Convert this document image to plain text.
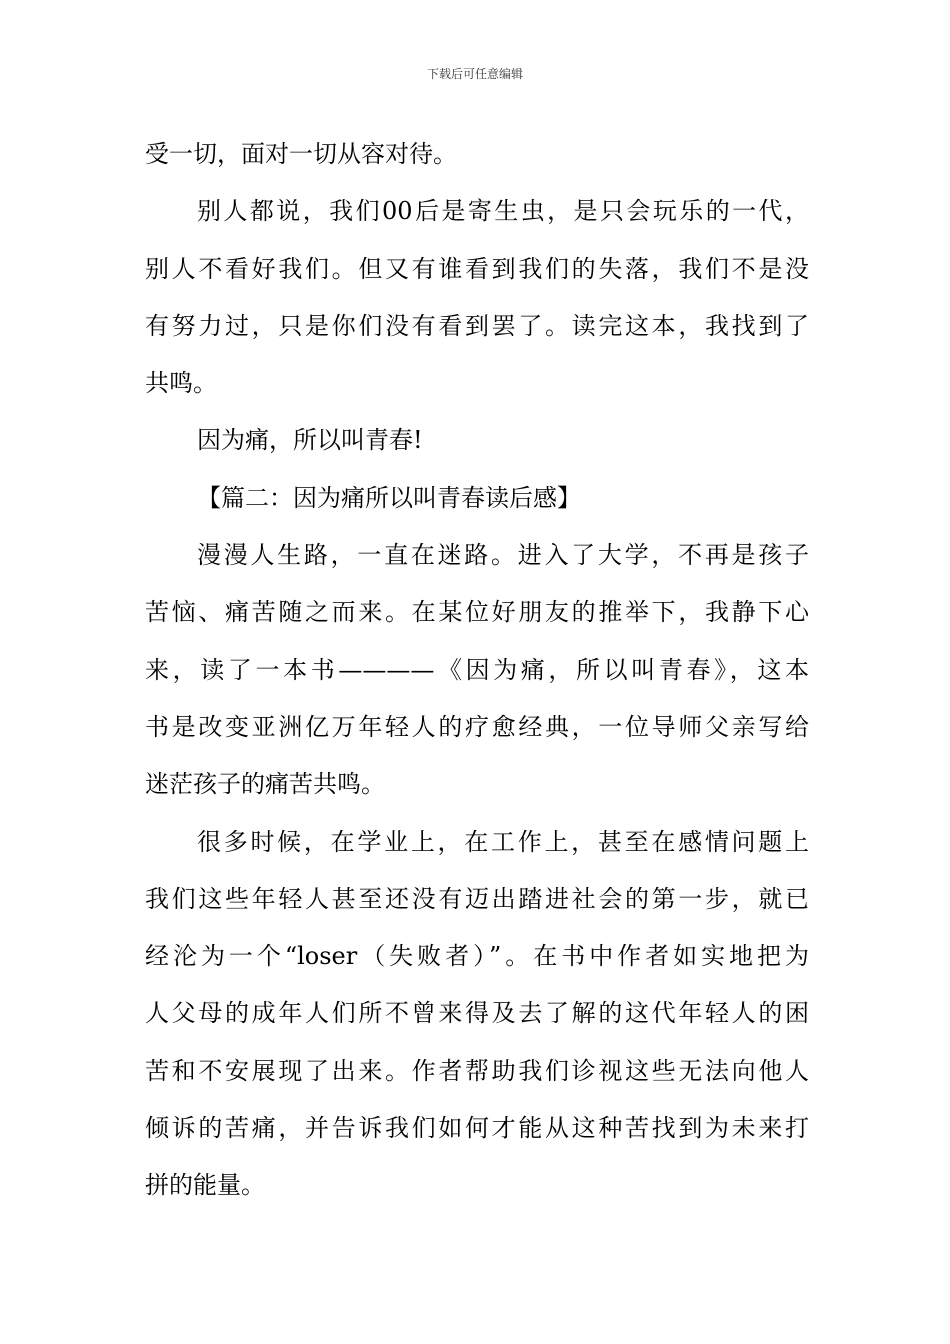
下载后可任意编辑
受一切，面对一切从容对待。
别人都说，我们00后是寄生虫，是只会玩乐的一代，
别人不看好我们。但又有谁看到我们的失落，我们不是没
有努力过，只是你们没有看到罢了。读完这本，我找到了
共鸣。
因为痛，所以叫青春!
【篇二：因为痛所以叫青春读后感】
漫漫人生路，一直在迷路。进入了大学，不再是孩子
苦恼、痛苦随之而来。在某位好朋友的推举下，我静下心
来，读了一本书————《因为痛，所以叫青春》，这本
书是改变亚洲亿万年轻人的疗愈经典，一位导师父亲写给
迷茫孩子的痛苦共鸣。
很多时候，在学业上，在工作上，甚至在感情问题上
我们这些年轻人甚至还没有迈出踏进社会的第一步，就已
经沦为一个“loser（失败者）”。在书中作者如实地把为
人父母的成年人们所不曾来得及去了解的这代年轻人的困
苦和不安展现了出来。作者帮助我们诊视这些无法向他人
倾诉的苦痛，并告诉我们如何才能从这种苦找到为未来打
拼的能量。
